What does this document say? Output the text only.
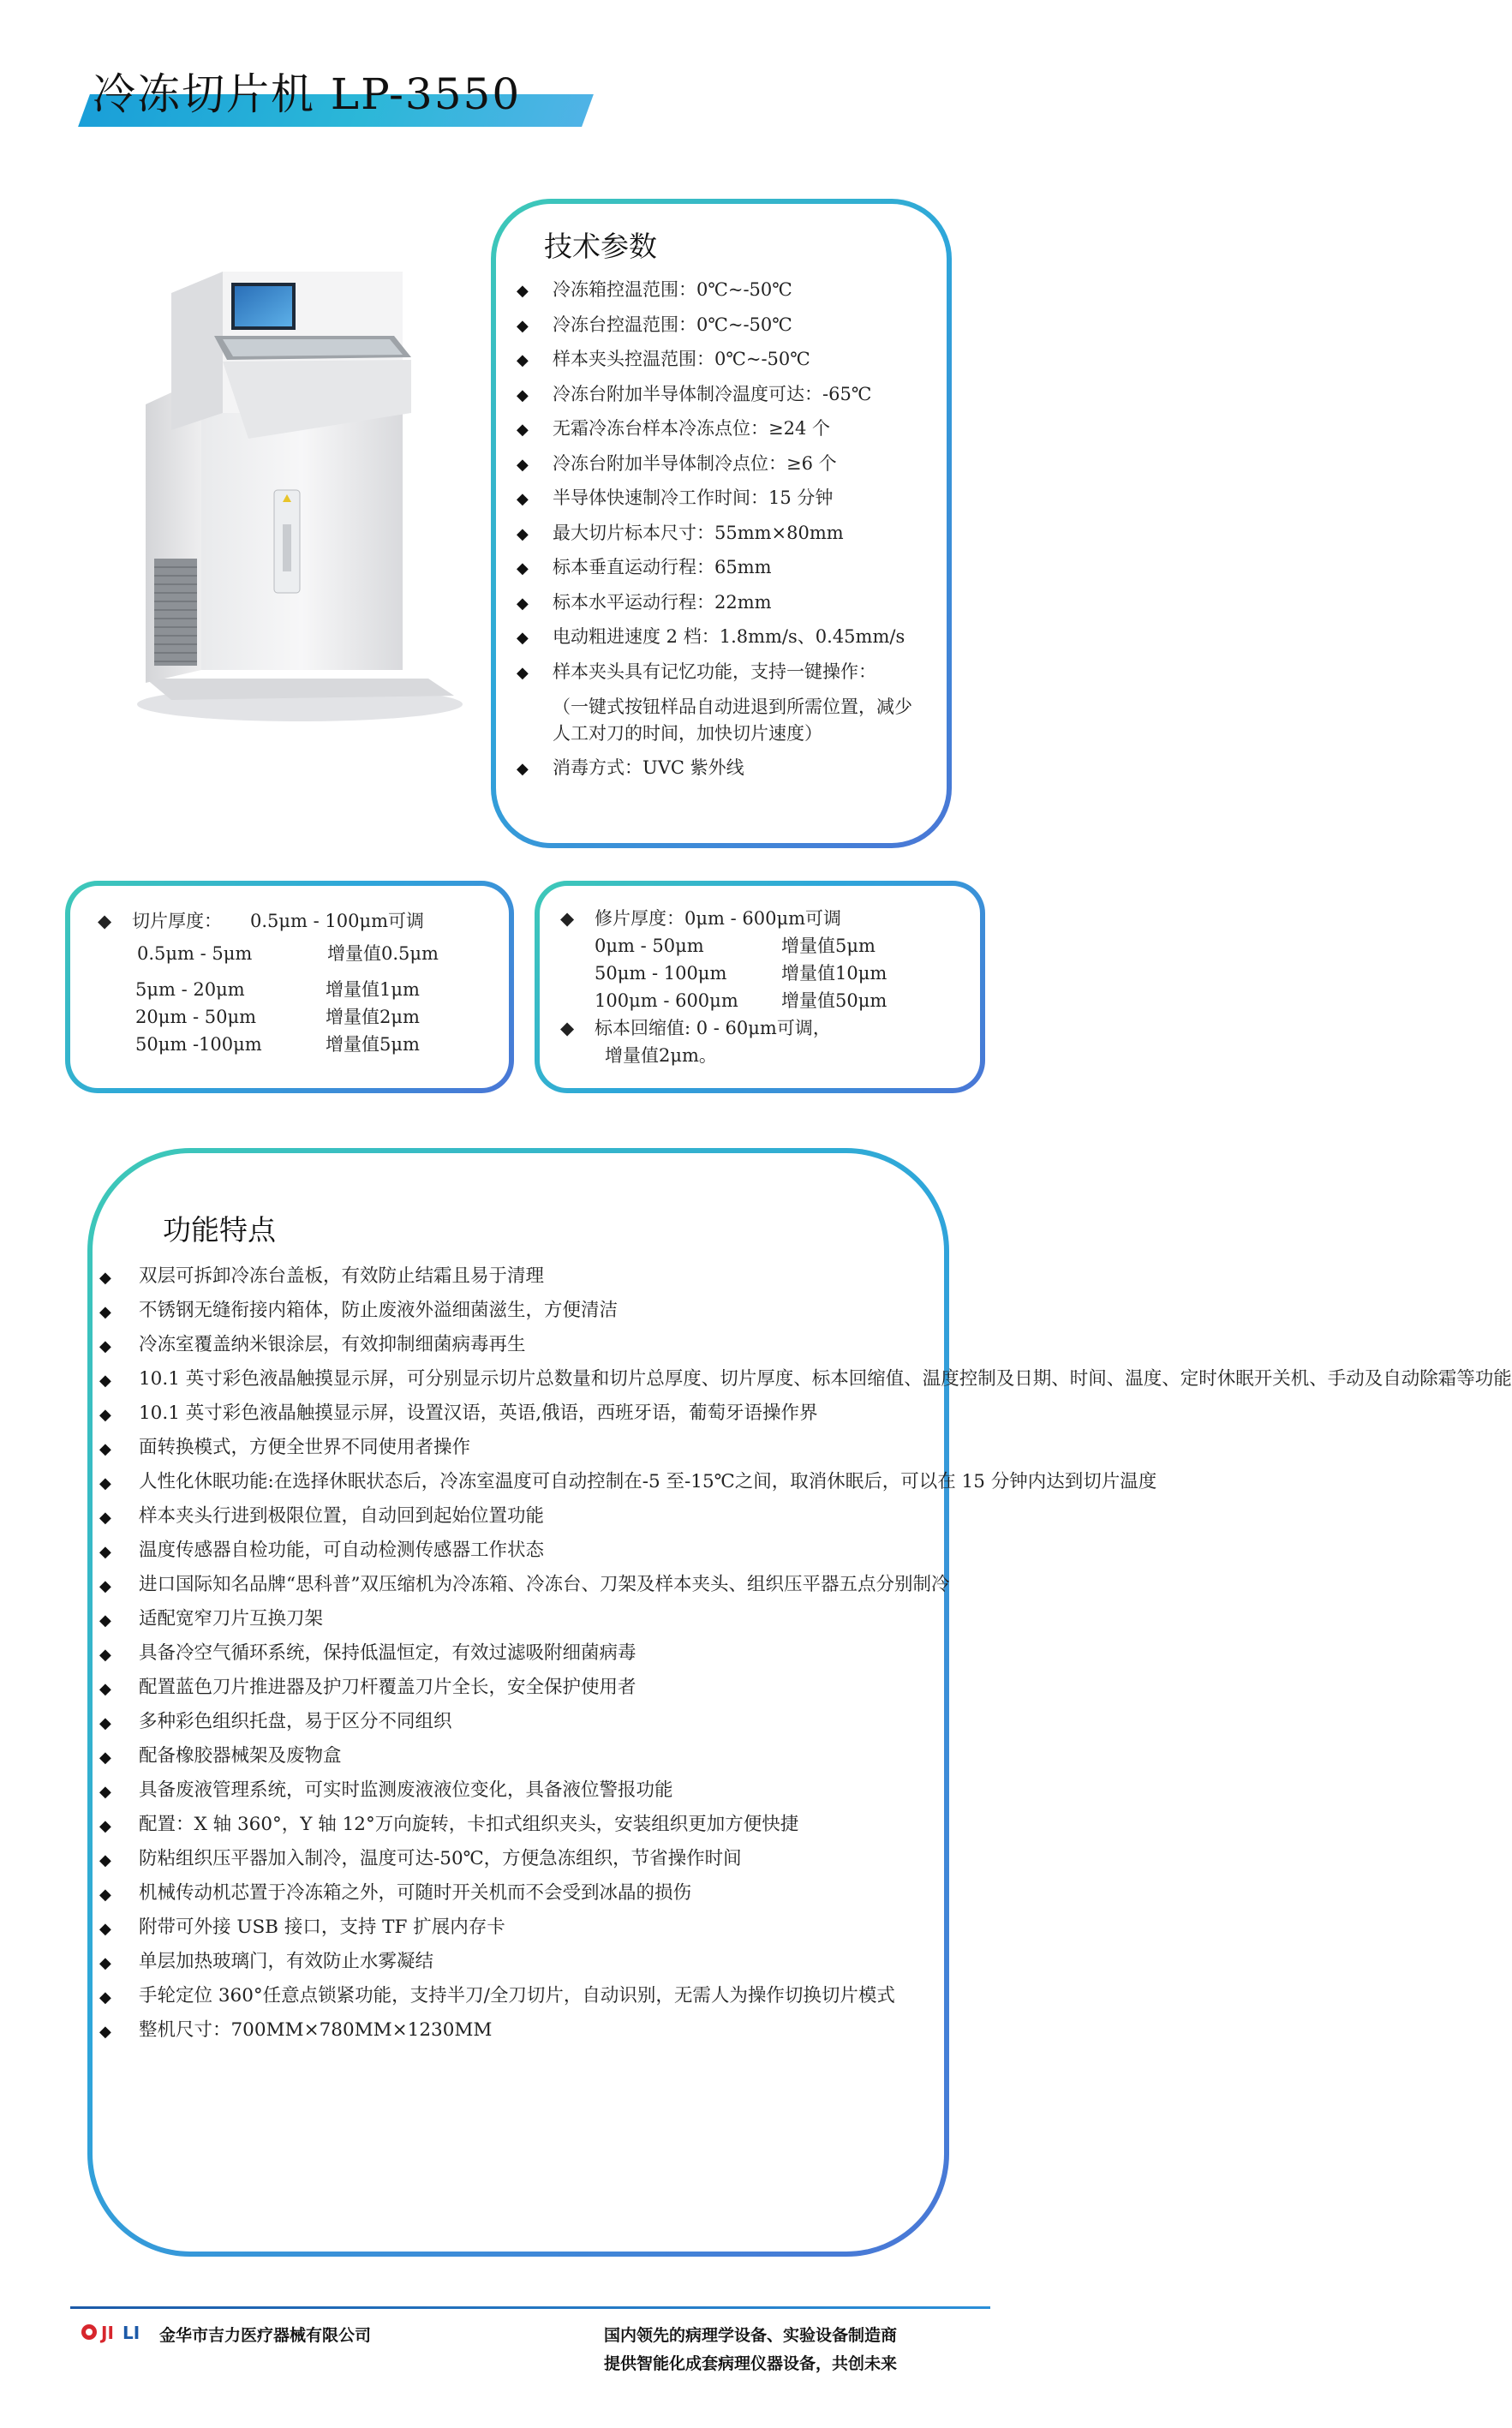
冷冻切片机 LP-3550
技术参数
◆ 冷冻箱控温范围：0℃~-50℃
◆ 冷冻台控温范围：0℃~-50℃
◆ 样本夹头控温范围：0℃~-50℃
◆ 冷冻台附加半导体制冷温度可达：-65℃
◆ 无霜冷冻台样本冷冻点位：≥24 个
◆ 冷冻台附加半导体制冷点位：≥6 个
◆ 半导体快速制冷工作时间：15 分钟
◆ 最大切片标本尺寸：55mm×80mm
◆ 标本垂直运动行程：65mm
◆ 标本水平运动行程：22mm
◆ 电动粗进速度 2 档：1.8mm/s、0.45mm/s
◆ 样本夹头具有记忆功能，支持一键操作：
（一键式按钮样品自动进退到所需位置，减少人工对刀的时间，加快切片速度）
◆ 消毒方式：UVC 紫外线
◆ 切片厚度： 0.5μm - 100μm可调
0.5μm - 5μm	增量值0.5μm
5μm - 20μm	增量值1μm
20μm - 50μm	增量值2μm
50μm -100μm	增量值5μm
◆ 修片厚度：0μm - 600μm可调
0μm - 50μm	增量值5μm
50μm - 100μm	增量值10μm
100μm - 600μm 增量值50μm
◆ 标本回缩值: 0 - 60μm可调，
增量值2μm。
功能特点
◆ 双层可拆卸冷冻台盖板，有效防止结霜且易于清理
◆ 不锈钢无缝衔接内箱体，防止废液外溢细菌滋生，方便清洁
◆ 冷冻室覆盖纳米银涂层，有效抑制细菌病毒再生
◆ 10.1 英寸彩色液晶触摸显示屏，可分别显示切片总数量和切片总厚度、切片厚度、标本回缩值、温度控制及日期、时间、温度、定时休眠开关机、手动及自动除霜等功能
◆ 10.1 英寸彩色液晶触摸显示屏，设置汉语，英语,俄语，西班牙语，葡萄牙语操作界
◆ 面转换模式，方便全世界不同使用者操作
◆ 人性化休眠功能:在选择休眠状态后，冷冻室温度可自动控制在-5 至-15℃之间，取消休眠后，可以在 15 分钟内达到切片温度
◆ 样本夹头行进到极限位置，自动回到起始位置功能
◆ 温度传感器自检功能，可自动检测传感器工作状态
◆ 进口国际知名品牌“思科普”双压缩机为冷冻箱、冷冻台、刀架及样本夹头、组织压平器五点分别制冷
◆ 适配宽窄刀片互换刀架
◆ 具备冷空气循环系统，保持低温恒定，有效过滤吸附细菌病毒
◆ 配置蓝色刀片推进器及护刀杆覆盖刀片全长，安全保护使用者
◆ 多种彩色组织托盘，易于区分不同组织
◆ 配备橡胶器械架及废物盒
◆ 具备废液管理系统，可实时监测废液液位变化，具备液位警报功能
◆ 配置：X 轴 360°，Y 轴 12°万向旋转，卡扣式组织夹头，安装组织更加方便快捷
◆ 防粘组织压平器加入制冷，温度可达-50℃，方便急冻组织，节省操作时间
◆ 机械传动机芯置于冷冻箱之外，可随时开关机而不会受到冰晶的损伤
◆ 附带可外接 USB 接口，支持 TF 扩展内存卡
◆ 单层加热玻璃门，有效防止水雾凝结
◆ 手轮定位 360°任意点锁紧功能，支持半刀/全刀切片，自动识别，无需人为操作切换切片模式
◆ 整机尺寸：700MM×780MM×1230MM
JI LI 金华市吉力医疗器械有限公司	国内领先的病理学设备、实验设备制造商
提供智能化成套病理仪器设备，共创未来
